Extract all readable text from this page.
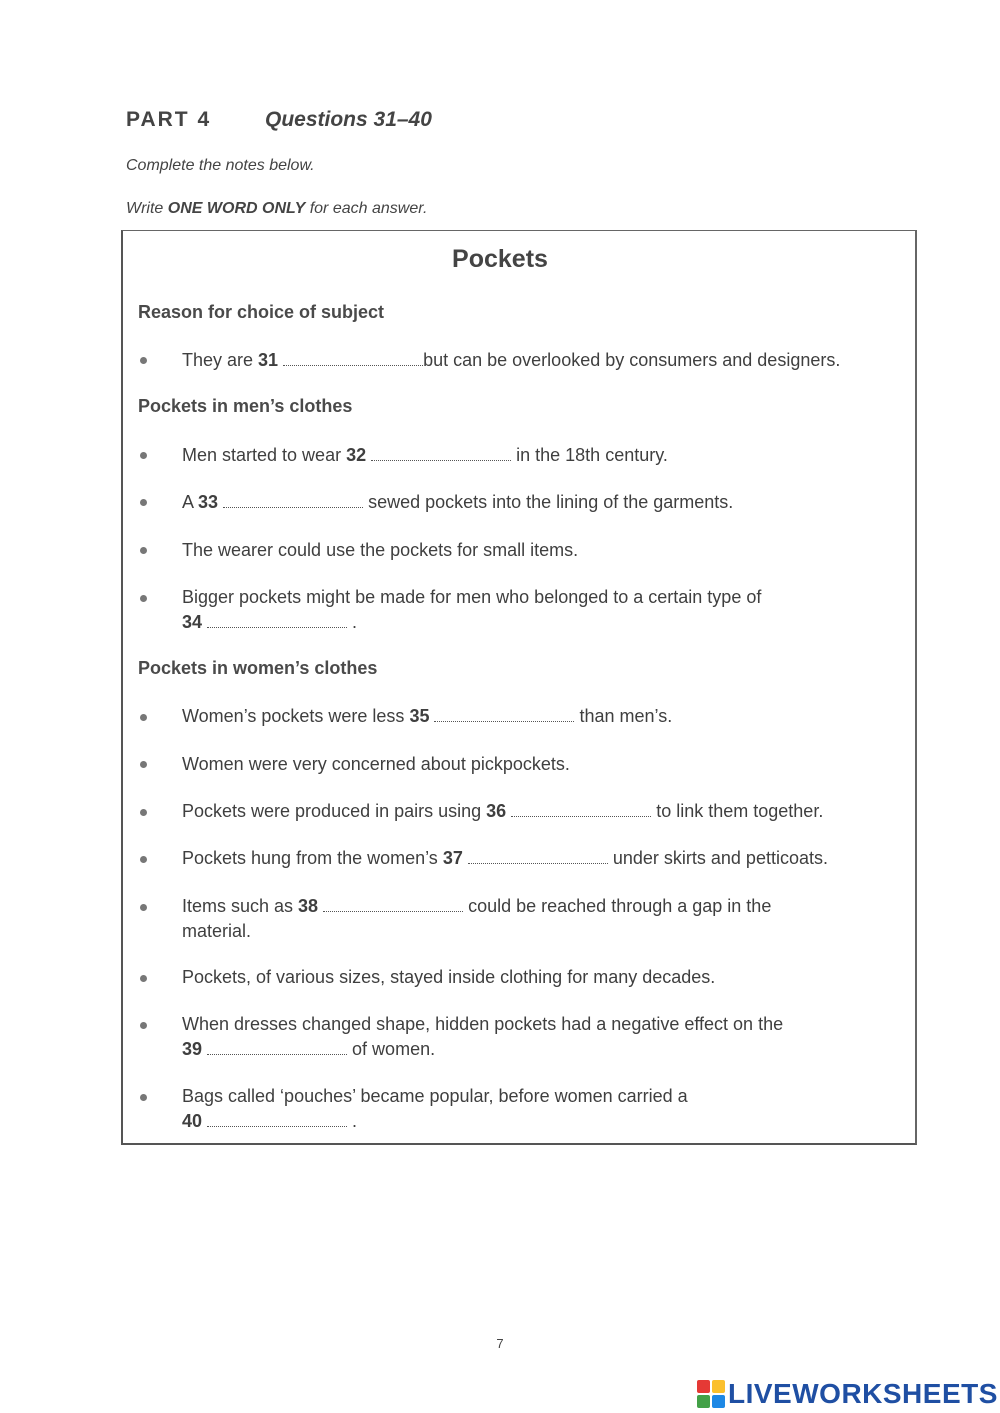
PART 4	Questions 31–40
Complete the notes below.
Write ONE WORD ONLY for each answer.
Pockets
Reason for choice of subject
They are 31	but can be overlooked by consumers and designers.
Pockets in men’s clothes
Men started to wear 32	in the 18th century.
A 33	sewed pockets into the lining of the garments.
The wearer could use the pockets for small items.
Bigger pockets might be made for men who belonged to a certain type of
34	.
Pockets in women’s clothes
Women’s pockets were less 35	than men’s.
Women were very concerned about pickpockets.
Pockets were produced in pairs using 36	to link them together.
Pockets hung from the women’s 37	under skirts and petticoats.
Items such as 38	could be reached through a gap in the
material.
Pockets, of various sizes, stayed inside clothing for many decades.
When dresses changed shape, hidden pockets had a negative effect on the
39	of women.
Bags called ‘pouches’ became popular, before women carried a
40	.
7
LIVEWORKSHEETS
